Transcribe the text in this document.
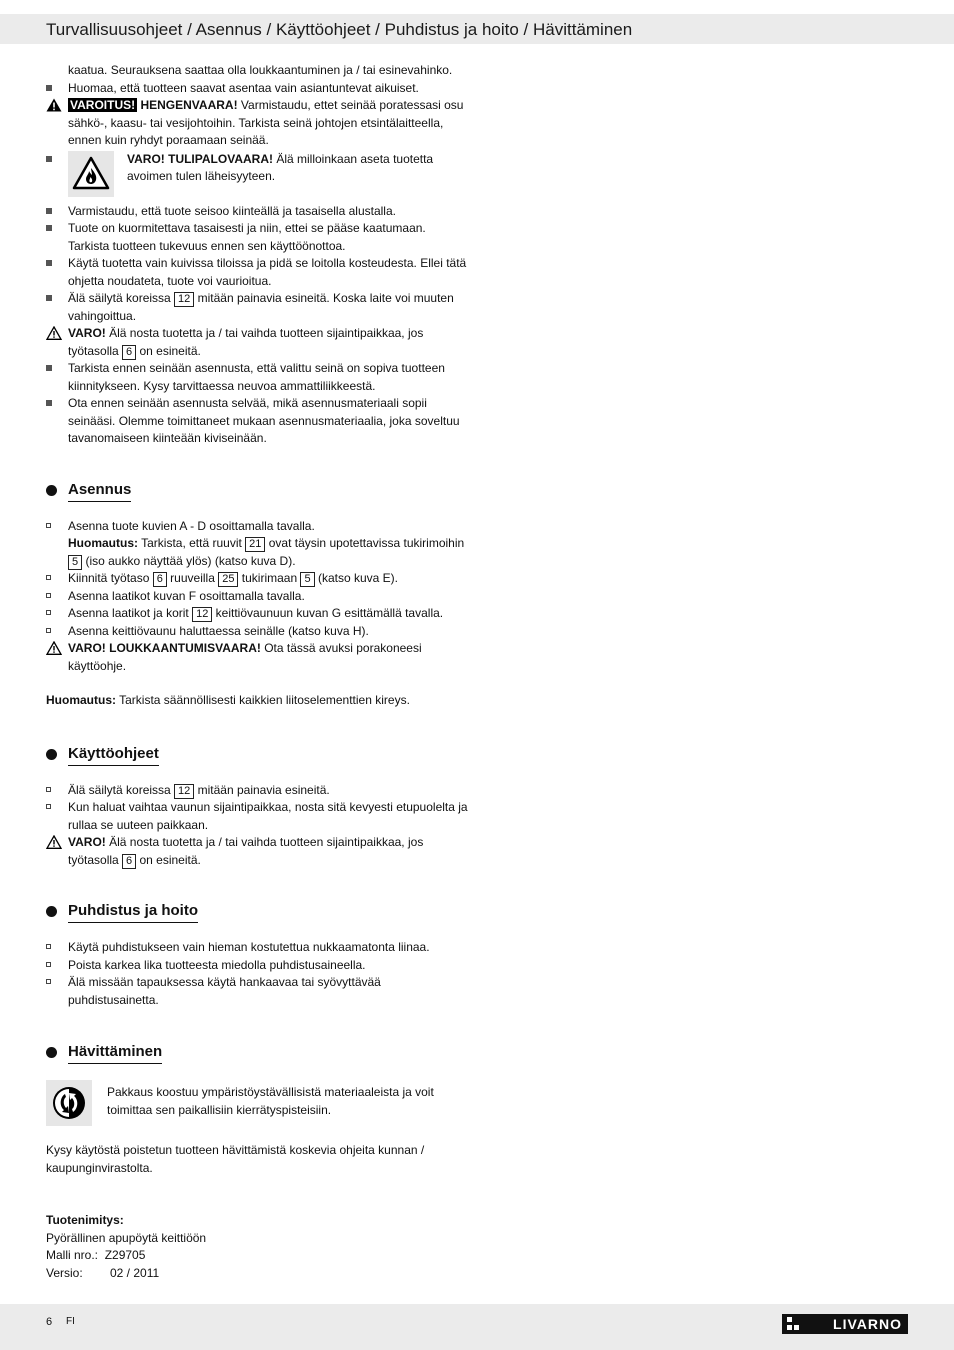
Turvallisuusohjeet / Asennus / Käyttöohjeet / Puhdistus ja hoito / Hävittäminen
kaatua. Seurauksena saattaa olla loukkaantuminen ja / tai esinevahinko.
Huomaa, että tuotteen saavat asentaa vain asiantuntevat aikuiset.
VAROITUS! HENGENVAARA! Varmistaudu, ettet seinää poratessasi osu sähkö-, kaasu- tai vesijohtoihin. Tarkista seinä johtojen etsintälaitteella, ennen kuin ryhdyt poraamaan seinää.
VARO! TULIPALOVAARA! Älä milloinkaan aseta tuotetta avoimen tulen läheisyyteen.
Varmistaudu, että tuote seisoo kiinteällä ja tasaisella alustalla.
Tuote on kuormitettava tasaisesti ja niin, ettei se pääse kaatumaan. Tarkista tuotteen tukevuus ennen sen käyttöönottoa.
Käytä tuotetta vain kuivissa tiloissa ja pidä se loitolla kosteudesta. Ellei tätä ohjetta noudateta, tuote voi vaurioitua.
Älä säilytä koreissa 12 mitään painavia esineitä. Koska laite voi muuten vahingoittua.
VARO! Älä nosta tuotetta ja / tai vaihda tuotteen sijaintipaikkaa, jos työtasolla 6 on esineitä.
Tarkista ennen seinään asennusta, että valittu seinä on sopiva tuotteen kiinnitykseen. Kysy tarvittaessa neuvoa ammattiliikkeestä.
Ota ennen seinään asennusta selvää, mikä asennusmateriaali sopii seinääsi. Olemme toimittaneet mukaan asennusmateriaalia, joka soveltuu tavanomaiseen kiinteään kiviseinään.
Asennus
Asenna tuote kuvien A - D osoittamalla tavalla.
Huomautus: Tarkista, että ruuvit 21 ovat täysin upotettavissa tukirimoihin 5 (iso aukko näyttää ylös) (katso kuva D).
Kiinnitä työtaso 6 ruuveilla 25 tukirimaan 5 (katso kuva E).
Asenna laatikot kuvan F osoittamalla tavalla.
Asenna laatikot ja korit 12 keittiövaunuun kuvan G esittämällä tavalla.
Asenna keittiövaunu haluttaessa seinälle (katso kuva H).
VARO! LOUKKAANTUMISVAARA! Ota tässä avuksi porakoneesi käyttöohje.
Huomautus: Tarkista säännöllisesti kaikkien liitoselementtien kireys.
Käyttöohjeet
Älä säilytä koreissa 12 mitään painavia esineitä.
Kun haluat vaihtaa vaunun sijaintipaikkaa, nosta sitä kevyesti etupuolelta ja rullaa se uuteen paikkaan.
VARO! Älä nosta tuotetta ja / tai vaihda tuotteen sijaintipaikkaa, jos työtasolla 6 on esineitä.
Puhdistus ja hoito
Käytä puhdistukseen vain hieman kostutettua nukkaamatonta liinaa.
Poista karkea lika tuotteesta miedolla puhdistusaineella.
Älä missään tapauksessa käytä hankaavaa tai syövyttävää puhdistusainetta.
Hävittäminen
Pakkaus koostuu ympäristöystävällisistä materiaaleista ja voit toimittaa sen paikallisiin kierrätyspisteisiin.
Kysy käytöstä poistetun tuotteen hävittämistä koskevia ohjeita kunnan / kaupunginvirastolta.
Tuotenimitys:
Pyörällinen apupöytä keittiöön
Malli nro.: Z29705
Versio: 02 / 2011
6 FI	LIVARNO
